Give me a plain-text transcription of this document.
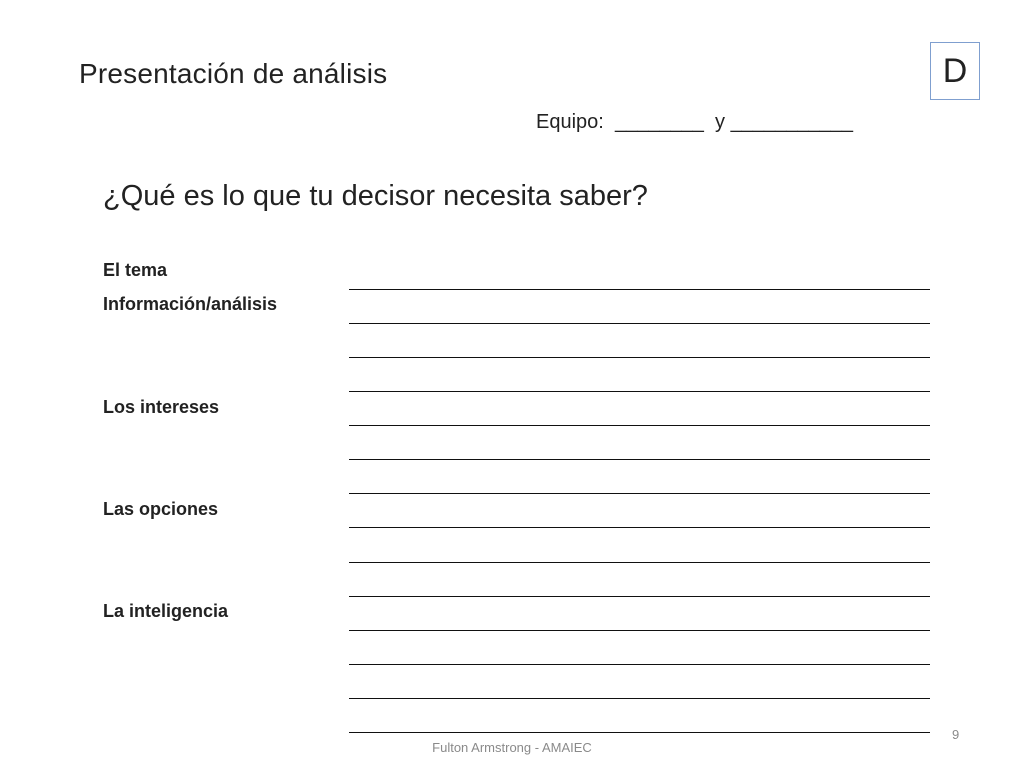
Presentación de análisis	D
Equipo:  ________  y ___________
¿Qué es lo que tu decisor necesita saber?
El tema
Información/análisis
Los intereses
Las opciones
La inteligencia
Fulton Armstrong - AMAIEC
9
